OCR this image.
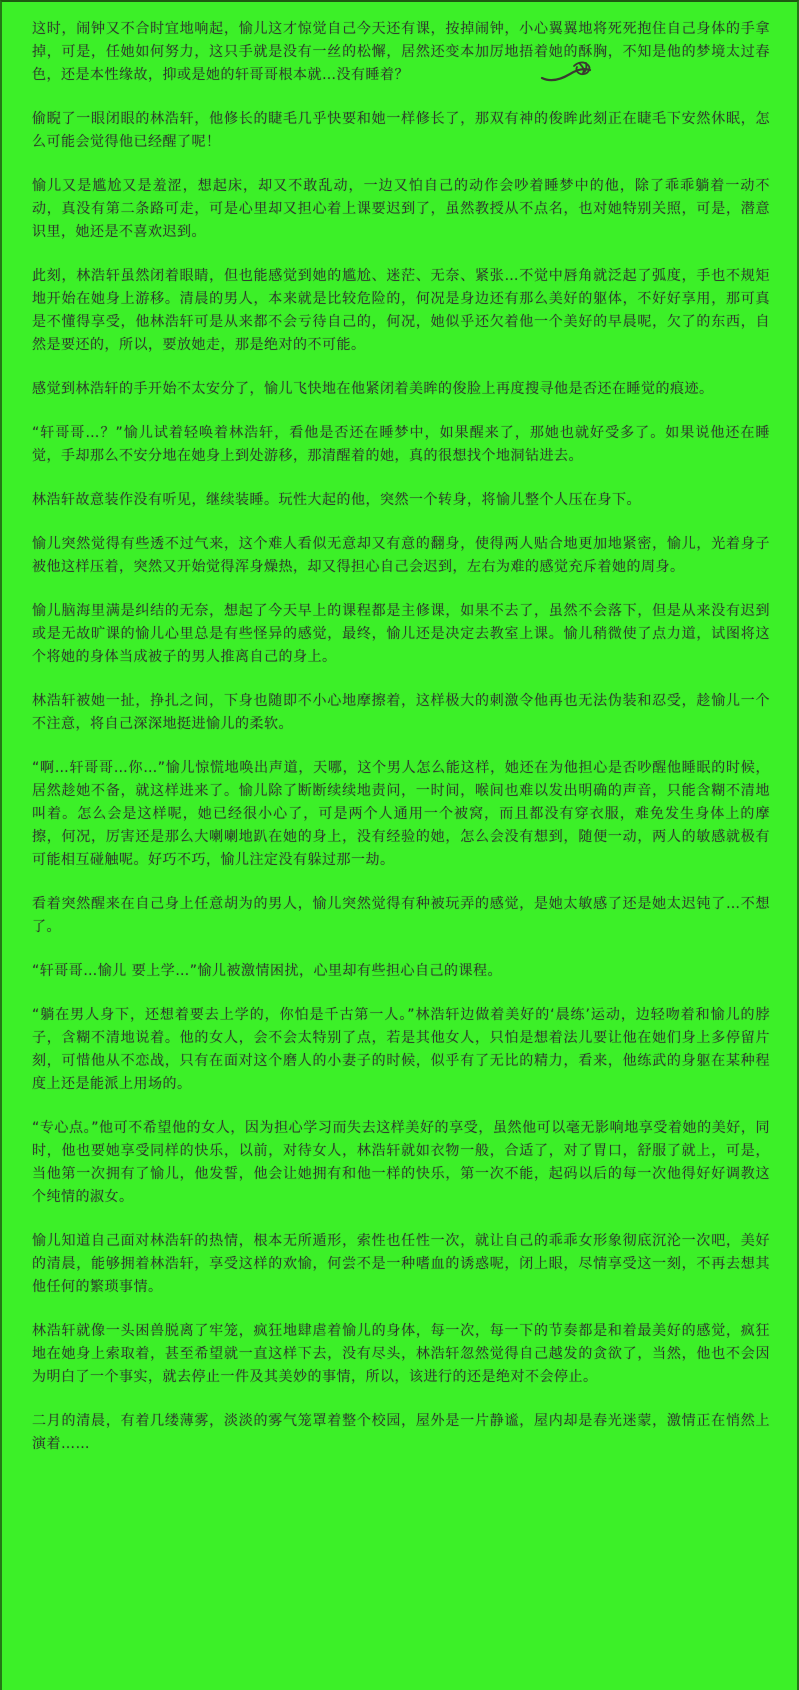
这时，闹钟又不合时宜地响起，愉儿这才惊觉自己今天还有课，按掉闹钟，小心翼翼地将死死抱住自己身体的手拿掉，可是，任她如何努力，这只手就是没有一丝的松懈，居然还变本加厉地捂着她的酥胸，不知是他的梦境太过春色，还是本性缘故，抑或是她的轩哥哥根本就…没有睡着？

偷睨了一眼闭眼的林浩轩，他修长的睫毛几乎快要和她一样修长了，那双有神的俊眸此刻正在睫毛下安然休眠，怎么可能会觉得他已经醒了呢！

愉儿又是尴尬又是羞涩，想起床，却又不敢乱动，一边又怕自己的动作会吵着睡梦中的他，除了乖乖躺着一动不动，真没有第二条路可走，可是心里却又担心着上课要迟到了，虽然教授从不点名，也对她特别关照，可是，潜意识里，她还是不喜欢迟到。

此刻，林浩轩虽然闭着眼睛，但也能感觉到她的尴尬、迷茫、无奈、紧张…不觉中唇角就泛起了弧度，手也不规矩地开始在她身上游移。清晨的男人，本来就是比较危险的，何况是身边还有那么美好的躯体，不好好享用，那可真是不懂得享受，他林浩轩可是从来都不会亏待自己的，何况，她似乎还欠着他一个美好的早晨呢，欠了的东西，自然是要还的，所以，要放她走，那是绝对的不可能。

感觉到林浩轩的手开始不太安分了，愉儿飞快地在他紧闭着美眸的俊脸上再度搜寻他是否还在睡觉的痕迹。

“轩哥哥…？”愉儿试着轻唤着林浩轩，看他是否还在睡梦中，如果醒来了，那她也就好受多了。如果说他还在睡觉，手却那么不安分地在她身上到处游移，那清醒着的她，真的很想找个地洞钻进去。

林浩轩故意装作没有听见，继续装睡。玩性大起的他，突然一个转身，将愉儿整个人压在身下。

愉儿突然觉得有些透不过气来，这个难人看似无意却又有意的翻身，使得两人贴合地更加地紧密，愉儿，光着身子被他这样压着，突然又开始觉得浑身燥热，却又得担心自己会迟到，左右为难的感觉充斥着她的周身。

愉儿脑海里满是纠结的无奈，想起了今天早上的课程都是主修课，如果不去了，虽然不会落下，但是从来没有迟到或是无故旷课的愉儿心里总是有些怪异的感觉，最终，愉儿还是决定去教室上课。愉儿稍微使了点力道，试图将这个将她的身体当成被子的男人推离自己的身上。

林浩轩被她一扯，挣扎之间，下身也随即不小心地摩擦着，这样极大的刺激令他再也无法伪装和忍受，趁愉儿一个不注意，将自己深深地挺进愉儿的柔软。

“啊…轩哥哥…你…”愉儿惊慌地唤出声道，天哪，这个男人怎么能这样，她还在为他担心是否吵醒他睡眠的时候，居然趁她不备，就这样进来了。愉儿除了断断续续地责问，一时间，喉间也难以发出明确的声音，只能含糊不清地叫着。怎么会是这样呢，她已经很小心了，可是两个人通用一个被窝，而且都没有穿衣服，难免发生身体上的摩擦，何况，厉害还是那么大喇喇地趴在她的身上，没有经验的她，怎么会没有想到，随便一动，两人的敏感就极有可能相互碰触呢。好巧不巧，愉儿注定没有躲过那一劫。

看着突然醒来在自己身上任意胡为的男人，愉儿突然觉得有种被玩弄的感觉，是她太敏感了还是她太迟钝了…不想了。

“轩哥哥…愉儿 要上学…”愉儿被激情困扰，心里却有些担心自己的课程。

“躺在男人身下，还想着要去上学的，你怕是千古第一人。”林浩轩边做着美好的‘晨练’运动，边轻吻着和愉儿的脖子，含糊不清地说着。他的女人，会不会太特别了点，若是其他女人，只怕是想着法儿要让他在她们身上多停留片刻，可惜他从不恋战，只有在面对这个磨人的小妻子的时候，似乎有了无比的精力，看来，他练武的身躯在某种程度上还是能派上用场的。

“专心点。”他可不希望他的女人，因为担心学习而失去这样美好的享受，虽然他可以毫无影响地享受着她的美好，同时，他也要她享受同样的快乐，以前，对待女人，林浩轩就如衣物一般，合适了，对了胃口，舒服了就上，可是，当他第一次拥有了愉儿，他发誓，他会让她拥有和他一样的快乐，第一次不能，起码以后的每一次他得好好调教这个纯情的淑女。

愉儿知道自己面对林浩轩的热情，根本无所遁形，索性也任性一次，就让自己的乖乖女形象彻底沉沦一次吧，美好的清晨，能够拥着林浩轩，享受这样的欢愉，何尝不是一种嗜血的诱惑呢，闭上眼，尽情享受这一刻，不再去想其他任何的繁琐事情。

林浩轩就像一头困兽脱离了牢笼，疯狂地肆虐着愉儿的身体，每一次，每一下的节奏都是和着最美好的感觉，疯狂地在她身上索取着，甚至希望就一直这样下去，没有尽头，林浩轩忽然觉得自己越发的贪欲了，当然，他也不会因为明白了一个事实，就去停止一件及其美妙的事情，所以，该进行的还是绝对不会停止。

二月的清晨，有着几缕薄雾，淡淡的雾气笼罩着整个校园，屋外是一片静谧，屋内却是春光迷蒙，激情正在悄然上演着……
